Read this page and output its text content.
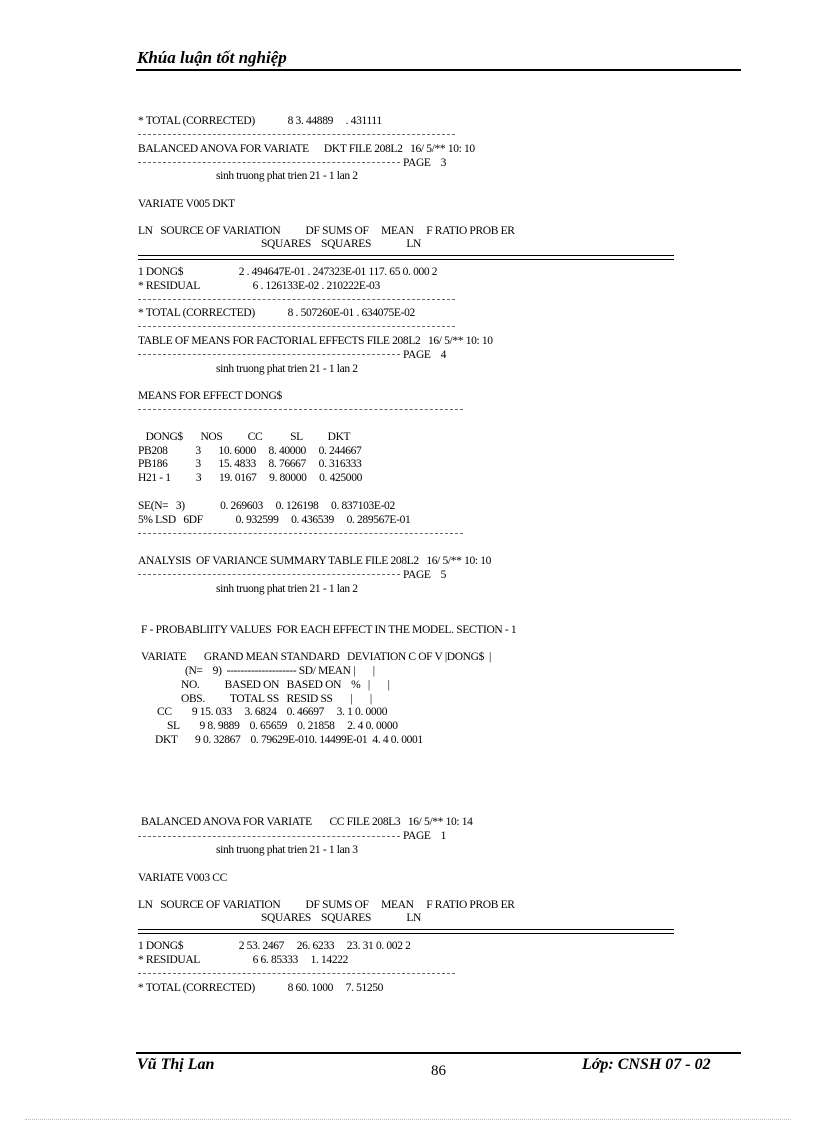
Khúa luận tốt nghiệp
* TOTAL (CORRECTED)             8 3. 44889     . 431111
BALANCED ANOVA FOR VARIATE      DKT FILE 208L2   16/ 5/** 10: 10
PAGE    3
sinh truong phat trien 21 - 1 lan 2
VARIATE V005 DKT
LN   SOURCE OF VARIATION          DF SUMS OF     MEAN     F RATIO PROB ER
SQUARES    SQUARES              LN
1 DONG$                      2 . 494647E-01 . 247323E-01 117. 65 0. 000 2
* RESIDUAL                     6 . 126133E-02 . 210222E-03
* TOTAL (CORRECTED)             8 . 507260E-01 . 634075E-02
TABLE OF MEANS FOR FACTORIAL EFFECTS FILE 208L2   16/ 5/** 10: 10
PAGE    4
sinh truong phat trien 21 - 1 lan 2
MEANS FOR EFFECT DONG$
DONG$       NOS          CC           SL          DKT
PB208           3       10. 6000     8. 40000     0. 244667
PB186           3       15. 4833     8. 76667     0. 316333
H21 - 1          3       19. 0167     9. 80000     0. 425000
SE(N=   3)              0. 269603     0. 126198     0. 837103E-02
5% LSD   6DF             0. 932599     0. 436539     0. 289567E-01
ANALYSIS  OF VARIANCE SUMMARY TABLE FILE 208L2   16/ 5/** 10: 10
PAGE    5
sinh truong phat trien 21 - 1 lan 2
F - PROBABLIITY VALUES  FOR EACH EFFECT IN THE MODEL. SECTION - 1
VARIATE       GRAND MEAN STANDARD   DEVIATION C OF V |DONG$  |
(N=    9)  -------------------- SD/ MEAN |       |
NO.          BASED ON   BASED ON    %   |       |
OBS.          TOTAL SS   RESID SS       |       |
CC        9 15. 033     3. 6824    0. 46697     3. 1 0. 0000
SL        9 8. 9889    0. 65659    0. 21858     2. 4 0. 0000
DKT       9 0. 32867    0. 79629E-010. 14499E-01  4. 4 0. 0001
BALANCED ANOVA FOR VARIATE       CC FILE 208L3   16/ 5/** 10: 14
PAGE    1
sinh truong phat trien 21 - 1 lan 3
VARIATE V003 CC
LN   SOURCE OF VARIATION          DF SUMS OF     MEAN     F RATIO PROB ER
SQUARES    SQUARES              LN
1 DONG$                      2 53. 2467     26. 6233     23. 31 0. 002 2
* RESIDUAL                     6 6. 85333     1. 14222
* TOTAL (CORRECTED)             8 60. 1000     7. 51250
Vũ Thị Lan	86	Lớp: CNSH 07 - 02
